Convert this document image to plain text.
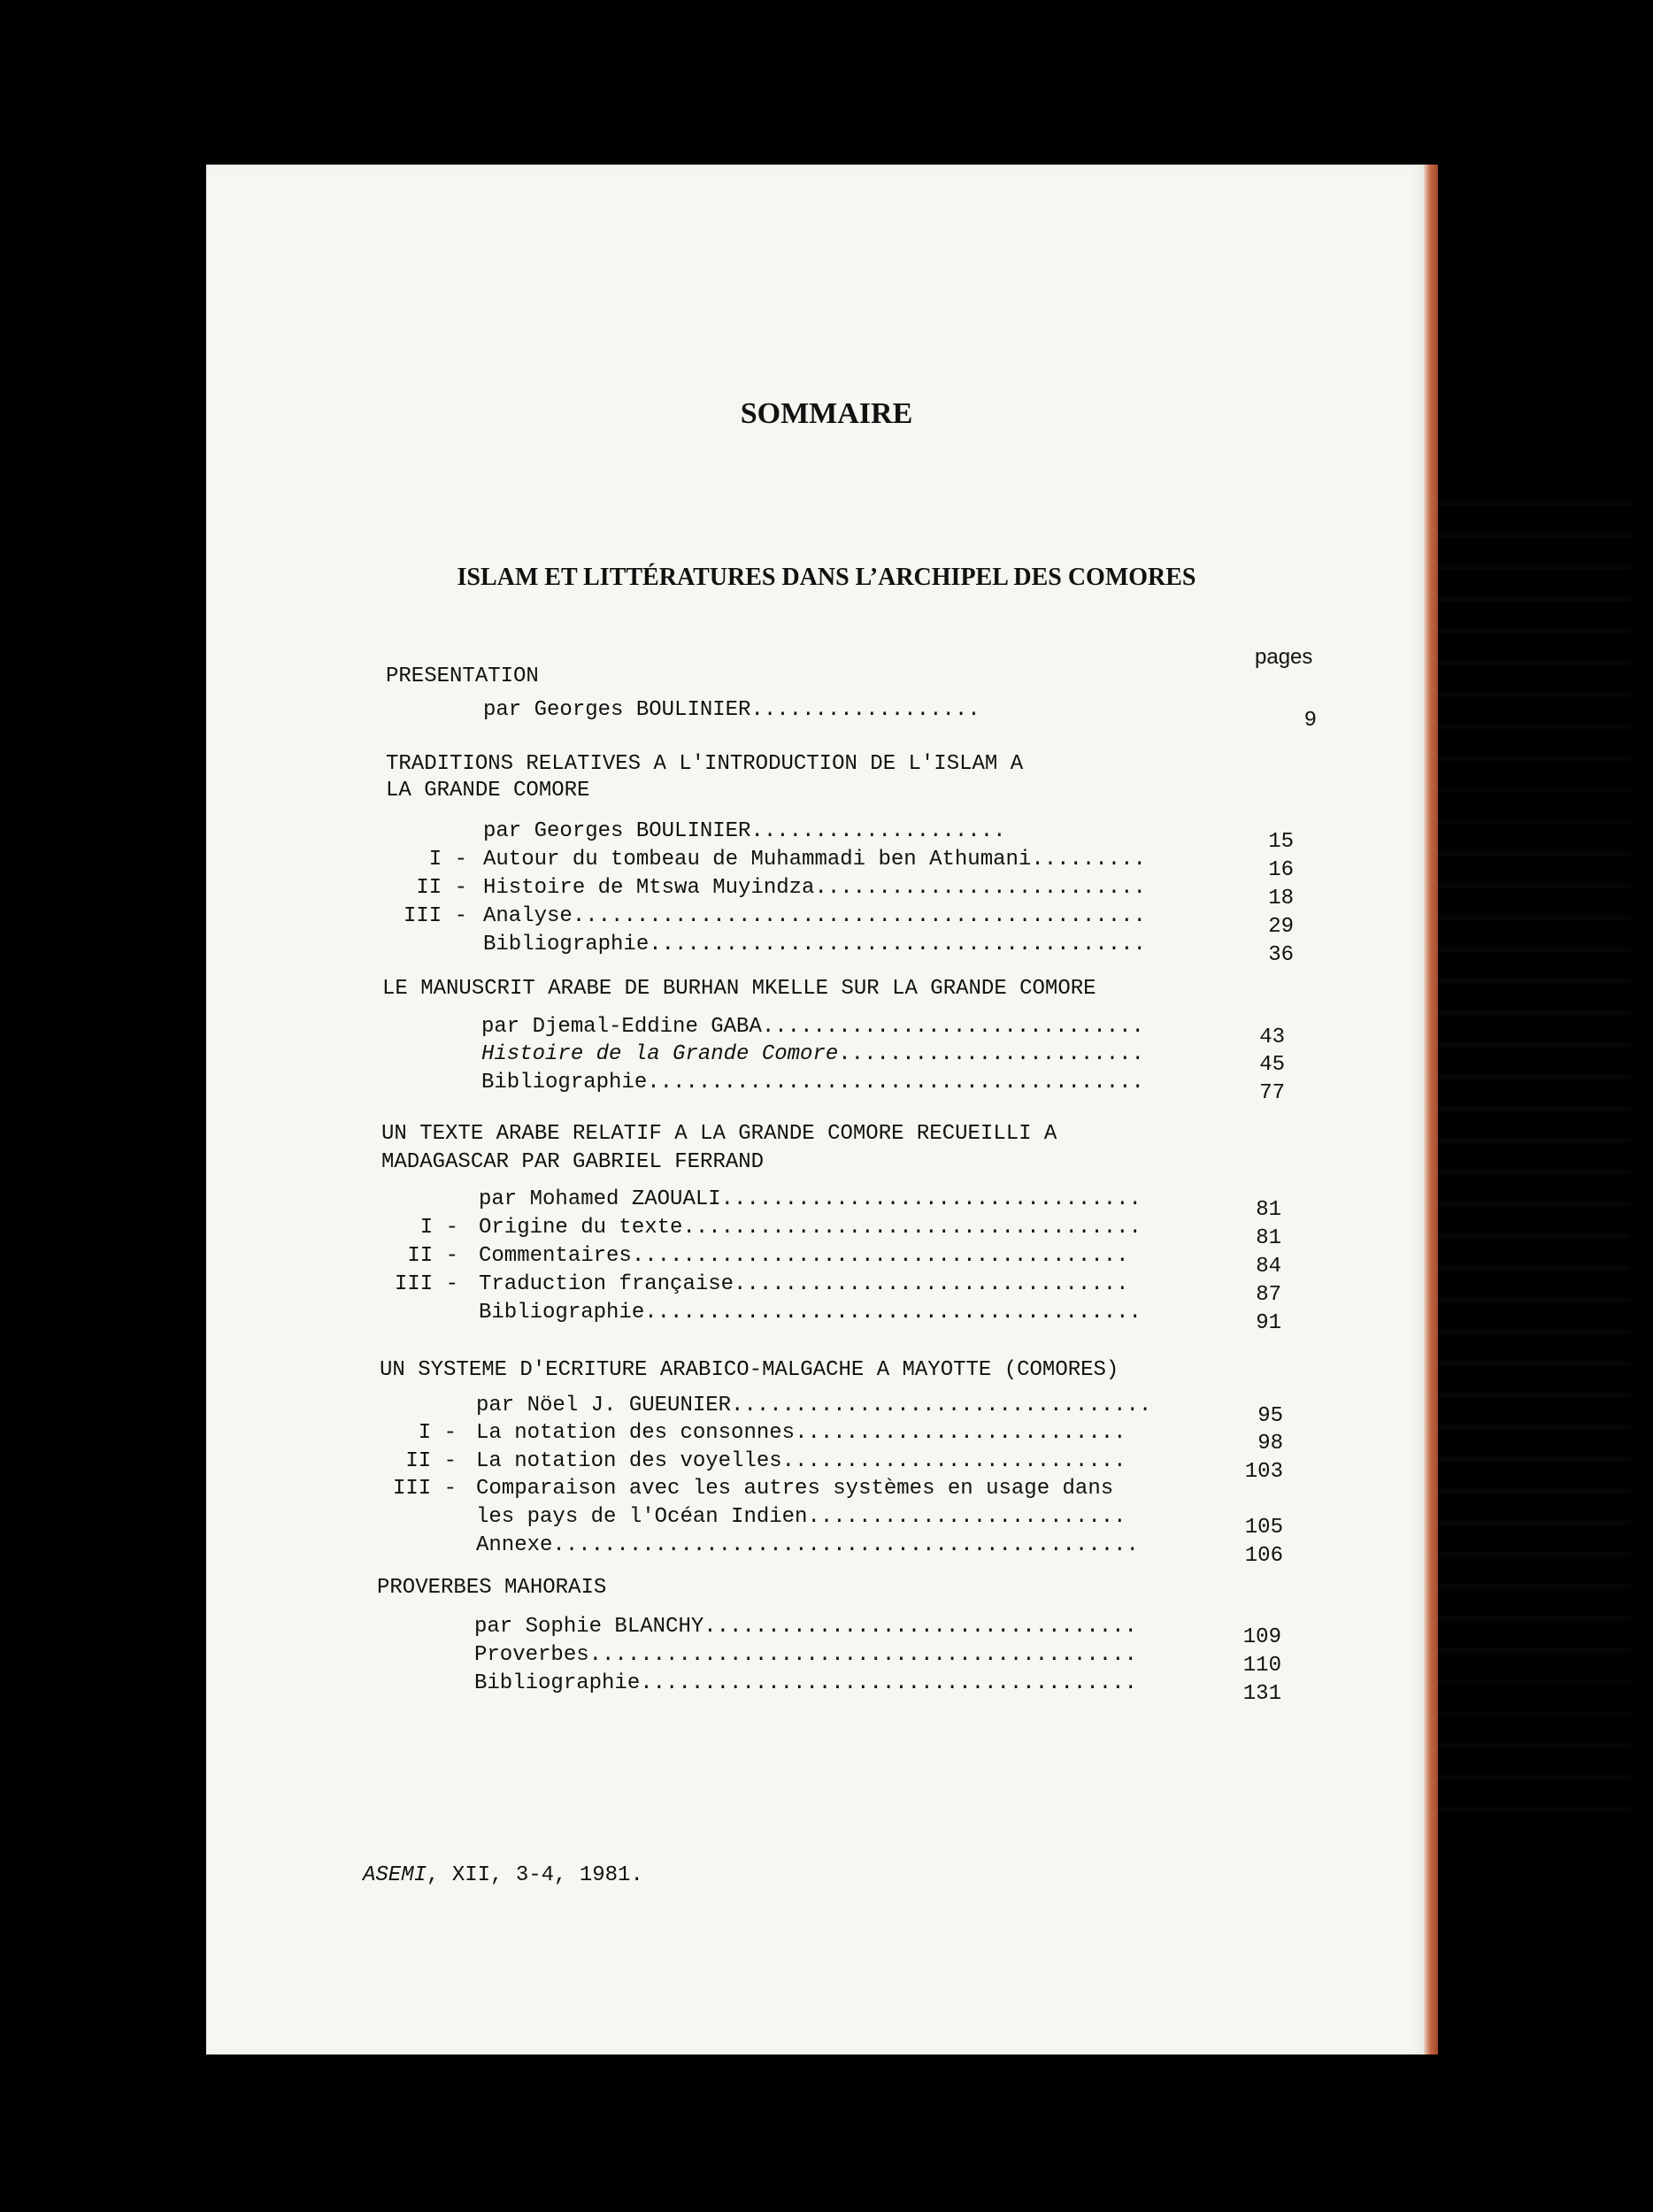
SOMMAIRE
ISLAM ET LITTÉRATURES DANS L’ARCHIPEL DES COMORES
pages
PRESENTATION
par Georges BOULINIER..................	9
TRADITIONS RELATIVES A L'INTRODUCTION DE L'ISLAM A
LA GRANDE COMORE
par Georges BOULINIER....................	15
I - Autour du tombeau de Muhammadi ben Athumani.........	16
II - Histoire de Mtswa Muyindza..........................	18
III - Analyse.............................................	29
Bibliographie.......................................	36
LE MANUSCRIT ARABE DE BURHAN MKELLE SUR LA GRANDE COMORE
par Djemal-Eddine GABA..............................	43
Histoire de la Grande Comore........................	45
Bibliographie.......................................	77
UN TEXTE ARABE RELATIF A LA GRANDE COMORE RECUEILLI A
MADAGASCAR PAR GABRIEL FERRAND
par Mohamed ZAOUALI.................................	81
I - Origine du texte....................................	81
II - Commentaires.......................................	84
III - Traduction française...............................	87
Bibliographie.......................................	91
UN SYSTEME D'ECRITURE ARABICO-MALGACHE A MAYOTTE (COMORES)
par Nöel J. GUEUNIER.................................	95
I - La notation des consonnes..........................	98
II - La notation des voyelles...........................	103
III - Comparaison avec les autres systèmes en usage dans
les pays de l'Océan Indien.........................	105
Annexe..............................................	106
PROVERBES MAHORAIS
par Sophie BLANCHY..................................	109
Proverbes...........................................	110
Bibliographie.......................................	131
ASEMI, XII, 3-4, 1981.
